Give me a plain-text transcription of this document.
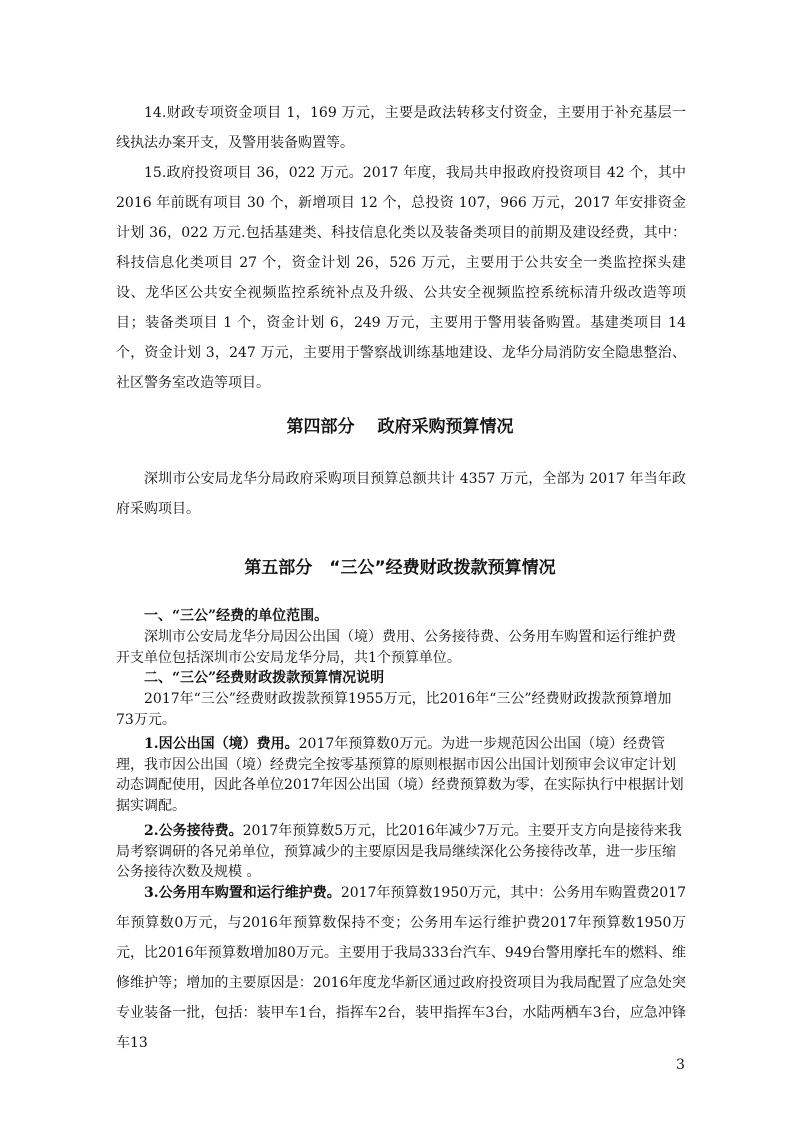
14.财政专项资金项目 1，169 万元，主要是政法转移支付资金，主要用于补充基层一线执法办案开支，及警用装备购置等。

15.政府投资项目 36，022 万元。2017 年度，我局共申报政府投资项目 42 个，其中 2016 年前既有项目 30 个，新增项目 12 个，总投资 107，966 万元，2017 年安排资金计划 36，022 万元.包括基建类、科技信息化类以及装备类项目的前期及建设经费，其中：科技信息化类项目 27 个，资金计划 26，526 万元，主要用于公共安全一类监控探头建设、龙华区公共安全视频监控系统补点及升级、公共安全视频监控系统标清升级改造等项目；装备类项目 1 个，资金计划 6，249 万元，主要用于警用装备购置。基建类项目 14 个，资金计划 3，247 万元，主要用于警察战训练基地建设、龙华分局消防安全隐患整治、社区警务室改造等项目。

第四部分　 政府采购预算情况

深圳市公安局龙华分局政府采购项目预算总额共计 4357 万元，全部为 2017 年当年政府采购项目。

第五部分　“三公”经费财政拨款预算情况

一、“三公”经费的单位范围。

深圳市公安局龙华分局因公出国（境）费用、公务接待费、公务用车购置和运行维护费开支单位包括深圳市公安局龙华分局，共1个预算单位。

二、“三公”经费财政拨款预算情况说明

2017年“三公”经费财政拨款预算1955万元，比2016年“三公”经费财政拨款预算增加73万元。

1.因公出国（境）费用。2017年预算数0万元。为进一步规范因公出国（境）经费管理，我市因公出国（境）经费完全按零基预算的原则根据市因公出国计划预审会议审定计划动态调配使用，因此各单位2017年因公出国（境）经费预算数为零，在实际执行中根据计划据实调配。

2.公务接待费。2017年预算数5万元，比2016年减少7万元。主要开支方向是接待来我局考察调研的各兄弟单位，预算减少的主要原因是我局继续深化公务接待改革，进一步压缩公务接待次数及规模 。

3.公务用车购置和运行维护费。2017年预算数1950万元，其中：公务用车购置费2017年预算数0万元，与2016年预算数保持不变；公务用车运行维护费2017年预算数1950万元，比2016年预算数增加80万元。主要用于我局333台汽车、949台警用摩托车的燃料、维修维护等；增加的主要原因是：2016年度龙华新区通过政府投资项目为我局配置了应急处突专业装备一批，包括：装甲车1台，指挥车2台，装甲指挥车3台，水陆两栖车3台，应急冲锋车13

3
